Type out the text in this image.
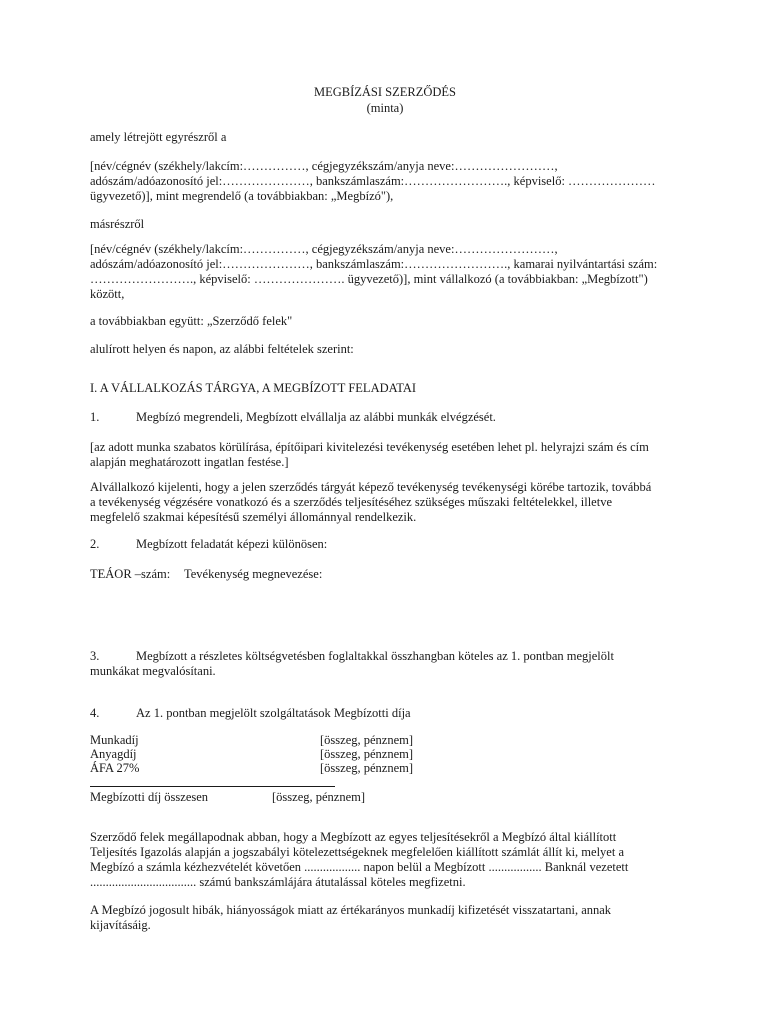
MEGBÍZÁSI SZERZŐDÉS
(minta)
amely létrejött egyrészről a
[név/cégnév (székhely/lakcím:……………, cégjegyzékszám/anyja neve:……………………,
adószám/adóazonosító jel:…………………, bankszámlaszám:……………………., képviselő: …………………
ügyvezető)], mint megrendelő (a továbbiakban: „Megbízó"),
másrészről
[név/cégnév (székhely/lakcím:……………, cégjegyzékszám/anyja neve:……………………,
adószám/adóazonosító jel:…………………, bankszámlaszám:……………………., kamarai nyilvántartási szám:
……………………., képviselő: …………………. ügyvezető)], mint vállalkozó (a továbbiakban: „Megbízott")
között,
a továbbiakban együtt: „Szerződő felek"
alulírott helyen és napon, az alábbi feltételek szerint:
I. A VÁLLALKOZÁS TÁRGYA, A MEGBÍZOTT FELADATAI
1.	Megbízó megrendeli, Megbízott elvállalja az alábbi munkák elvégzését.
[az adott munka szabatos körülírása, építőipari kivitelezési tevékenység esetében lehet pl. helyrajzi szám és cím
alapján meghatározott ingatlan festése.]
Alvállalkozó kijelenti, hogy a jelen szerződés tárgyát képező tevékenység tevékenységi körébe tartozik, továbbá
a tevékenység végzésére vonatkozó és a szerződés teljesítéséhez szükséges műszaki feltételekkel, illetve
megfelelő szakmai képesítésű személyi állománnyal rendelkezik.
2.	Megbízott feladatát képezi különösen:
TEÁOR –szám: Tevékenység megnevezése:
3.	Megbízott a részletes költségvetésben foglaltakkal összhangban köteles az 1. pontban megjelölt
munkákat megvalósítani.
4.	Az 1. pontban megjelölt szolgáltatások Megbízotti díja
Munkadíj	[összeg, pénznem]
Anyagdíj	[összeg, pénznem]
ÁFA 27%	[összeg, pénznem]
Megbízotti díj összesen	[összeg, pénznem]
Szerződő felek megállapodnak abban, hogy a Megbízott az egyes teljesítésekről a Megbízó által kiállított
Teljesítés Igazolás alapján a jogszabályi kötelezettségeknek megfelelően kiállított számlát állít ki, melyet a
Megbízó a számla kézhezvételét követően .................. napon belül a Megbízott ................. Banknál vezetett
.................................. számú bankszámlájára átutalással köteles megfizetni.
A Megbízó jogosult hibák, hiányosságok miatt az értékarányos munkadíj kifizetését visszatartani, annak
kijavításáig.
